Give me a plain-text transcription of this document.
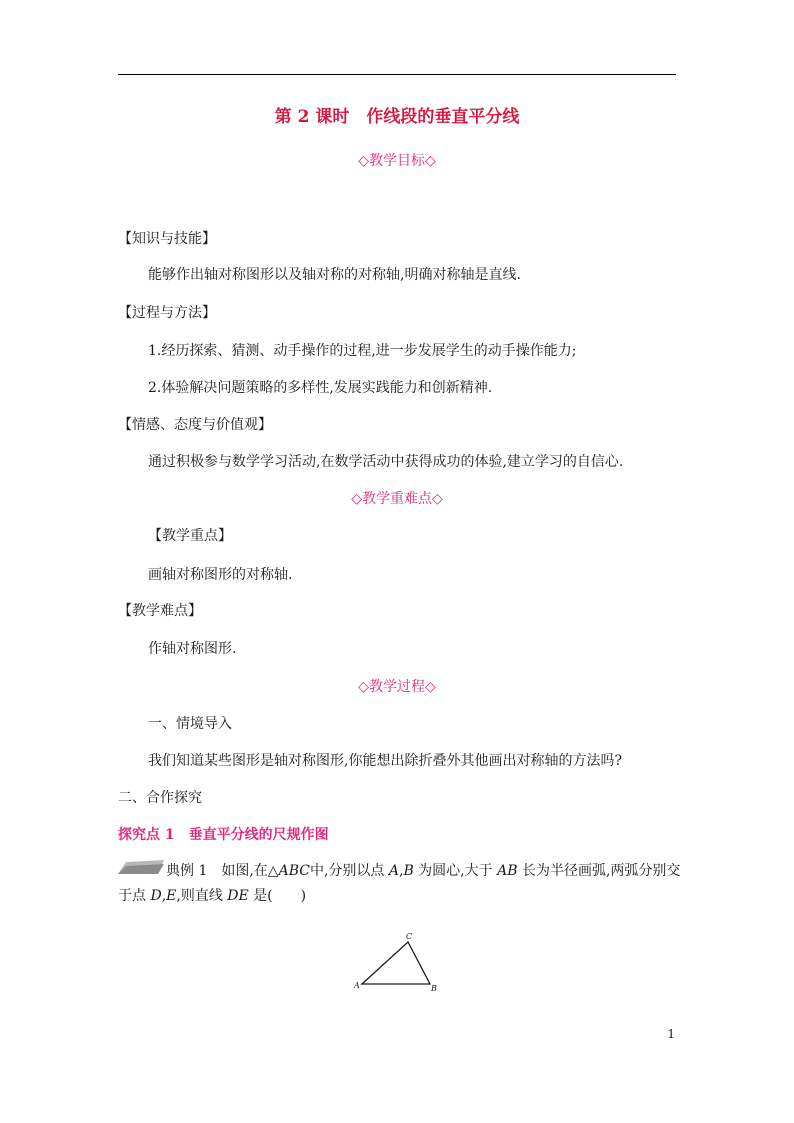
第 2 课时　作线段的垂直平分线
◇教学目标◇
【知识与技能】
能够作出轴对称图形以及轴对称的对称轴,明确对称轴是直线.
【过程与方法】
1.经历探索、猜测、动手操作的过程,进一步发展学生的动手操作能力;
2.体验解决问题策略的多样性,发展实践能力和创新精神.
【情感、态度与价值观】
通过积极参与数学学习活动,在数学活动中获得成功的体验,建立学习的自信心.
◇教学重难点◇
【教学重点】
画轴对称图形的对称轴.
【教学难点】
作轴对称图形.
◇教学过程◇
一、情境导入
我们知道某些图形是轴对称图形,你能想出除折叠外其他画出对称轴的方法吗?
二、合作探究
探究点 1　垂直平分线的尺规作图
典例 1　如图,在△ABC中,分别以点 A,B 为圆心,大于 AB 长为半径画弧,两弧分别交
于点 D,E,则直线 DE 是(　　)
A	B
C
1
